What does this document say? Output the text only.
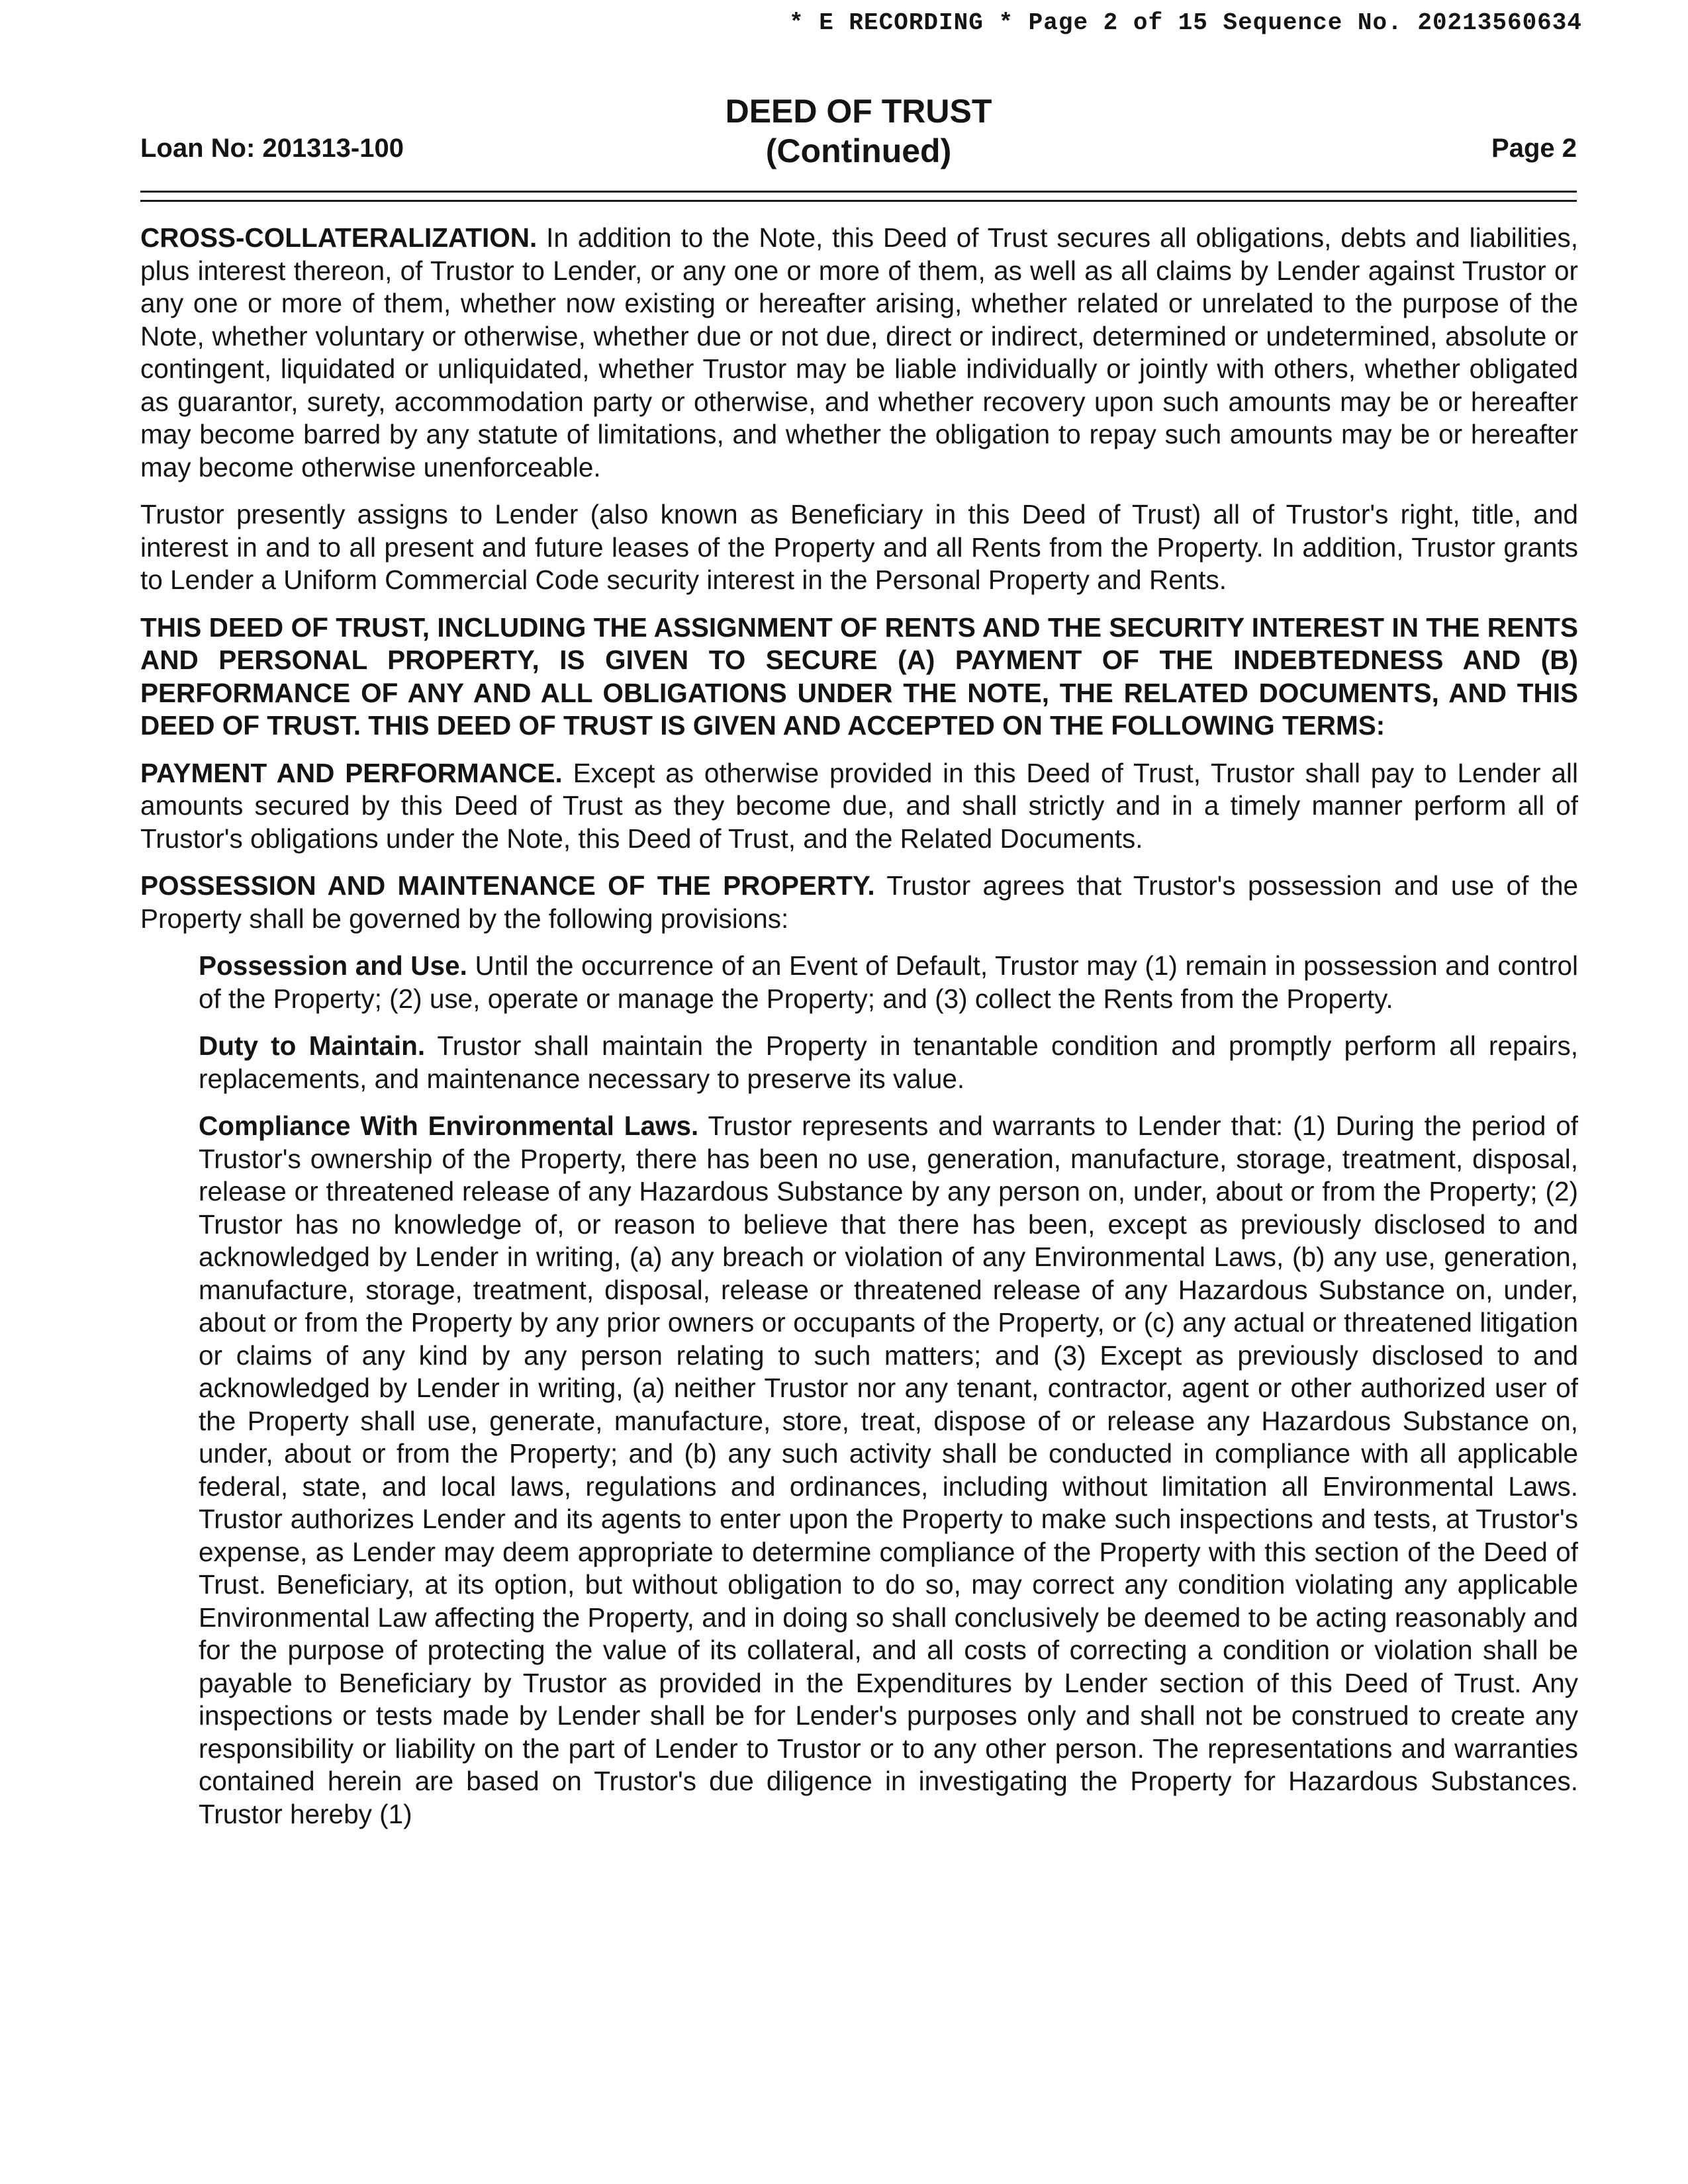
* E RECORDING * Page 2 of 15 Sequence No. 20213560634
Loan No: 201313-100
DEED OF TRUST
(Continued)	Page 2

CROSS-COLLATERALIZATION. In addition to the Note, this Deed of Trust secures all obligations, debts and liabilities, plus interest thereon, of Trustor to Lender, or any one or more of them, as well as all claims by Lender against Trustor or any one or more of them, whether now existing or hereafter arising, whether related or unrelated to the purpose of the Note, whether voluntary or otherwise, whether due or not due, direct or indirect, determined or undetermined, absolute or contingent, liquidated or unliquidated, whether Trustor may be liable individually or jointly with others, whether obligated as guarantor, surety, accommodation party or otherwise, and whether recovery upon such amounts may be or hereafter may become barred by any statute of limitations, and whether the obligation to repay such amounts may be or hereafter may become otherwise unenforceable.

Trustor presently assigns to Lender (also known as Beneficiary in this Deed of Trust) all of Trustor's right, title, and interest in and to all present and future leases of the Property and all Rents from the Property. In addition, Trustor grants to Lender a Uniform Commercial Code security interest in the Personal Property and Rents.

THIS DEED OF TRUST, INCLUDING THE ASSIGNMENT OF RENTS AND THE SECURITY INTEREST IN THE RENTS AND PERSONAL PROPERTY, IS GIVEN TO SECURE (A) PAYMENT OF THE INDEBTEDNESS AND (B) PERFORMANCE OF ANY AND ALL OBLIGATIONS UNDER THE NOTE, THE RELATED DOCUMENTS, AND THIS DEED OF TRUST. THIS DEED OF TRUST IS GIVEN AND ACCEPTED ON THE FOLLOWING TERMS:

PAYMENT AND PERFORMANCE. Except as otherwise provided in this Deed of Trust, Trustor shall pay to Lender all amounts secured by this Deed of Trust as they become due, and shall strictly and in a timely manner perform all of Trustor's obligations under the Note, this Deed of Trust, and the Related Documents.

POSSESSION AND MAINTENANCE OF THE PROPERTY. Trustor agrees that Trustor's possession and use of the Property shall be governed by the following provisions:

Possession and Use. Until the occurrence of an Event of Default, Trustor may (1) remain in possession and control of the Property; (2) use, operate or manage the Property; and (3) collect the Rents from the Property.

Duty to Maintain. Trustor shall maintain the Property in tenantable condition and promptly perform all repairs, replacements, and maintenance necessary to preserve its value.

Compliance With Environmental Laws. Trustor represents and warrants to Lender that: (1) During the period of Trustor's ownership of the Property, there has been no use, generation, manufacture, storage, treatment, disposal, release or threatened release of any Hazardous Substance by any person on, under, about or from the Property; (2) Trustor has no knowledge of, or reason to believe that there has been, except as previously disclosed to and acknowledged by Lender in writing, (a) any breach or violation of any Environmental Laws, (b) any use, generation, manufacture, storage, treatment, disposal, release or threatened release of any Hazardous Substance on, under, about or from the Property by any prior owners or occupants of the Property, or (c) any actual or threatened litigation or claims of any kind by any person relating to such matters; and (3) Except as previously disclosed to and acknowledged by Lender in writing, (a) neither Trustor nor any tenant, contractor, agent or other authorized user of the Property shall use, generate, manufacture, store, treat, dispose of or release any Hazardous Substance on, under, about or from the Property; and (b) any such activity shall be conducted in compliance with all applicable federal, state, and local laws, regulations and ordinances, including without limitation all Environmental Laws. Trustor authorizes Lender and its agents to enter upon the Property to make such inspections and tests, at Trustor's expense, as Lender may deem appropriate to determine compliance of the Property with this section of the Deed of Trust. Beneficiary, at its option, but without obligation to do so, may correct any condition violating any applicable Environmental Law affecting the Property, and in doing so shall conclusively be deemed to be acting reasonably and for the purpose of protecting the value of its collateral, and all costs of correcting a condition or violation shall be payable to Beneficiary by Trustor as provided in the Expenditures by Lender section of this Deed of Trust. Any inspections or tests made by Lender shall be for Lender's purposes only and shall not be construed to create any responsibility or liability on the part of Lender to Trustor or to any other person. The representations and warranties contained herein are based on Trustor's due diligence in investigating the Property for Hazardous Substances. Trustor hereby (1)
